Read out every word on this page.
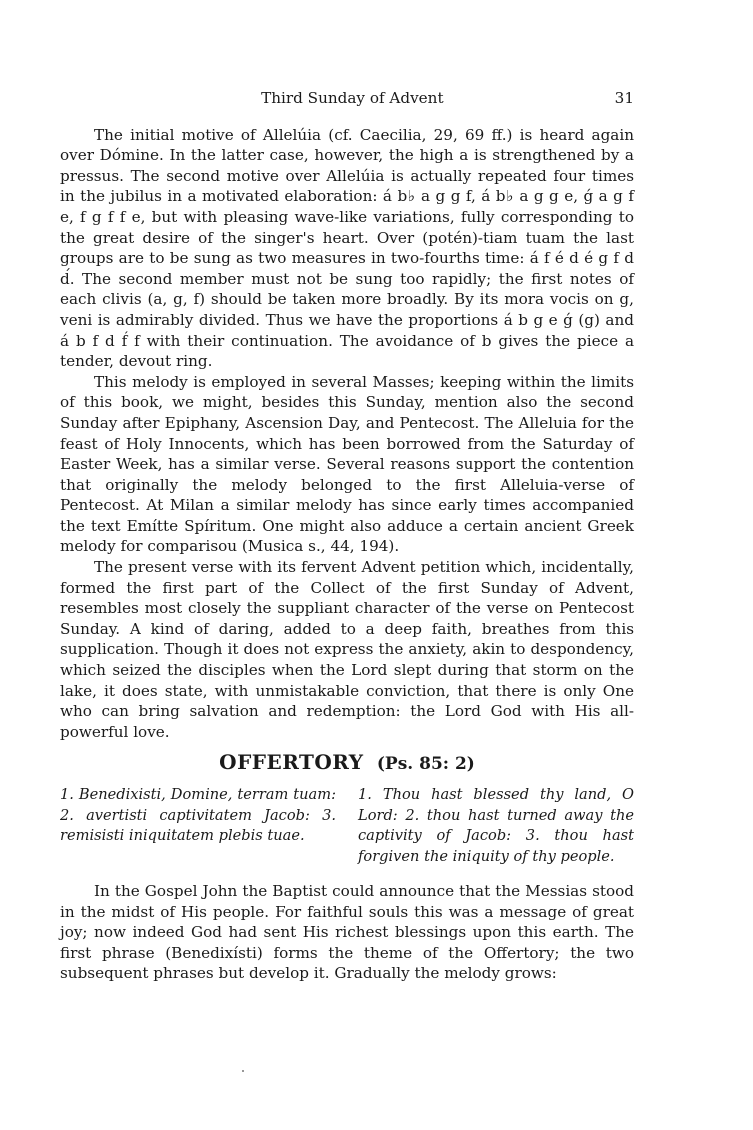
Third Sunday of Advent	31

The initial motive of Allelúia (cf. Caecilia, 29, 69 ff.) is heard again over Dómine. In the latter case, however, the high a is strengthened by a pressus. The second motive over Allelúia is actually repeated four times in the jubilus in a motivated elaboration: á b♭ a g g f, á b♭ a g g e, ǵ a g f e, f g f f e, but with pleasing wave-like variations, fully corresponding to the great desire of the singer's heart. Over (potén)-tiam tuam the last groups are to be sung as two measures in two-fourths time: á f é d é g f d d́. The second member must not be sung too rapidly; the first notes of each clivis (a, g, f) should be taken more broadly. By its mora vocis on g, veni is admirably divided. Thus we have the proportions á b g e ǵ (g) and á b f d f́ f with their continuation. The avoidance of b gives the piece a tender, devout ring.

This melody is employed in several Masses; keeping within the limits of this book, we might, besides this Sunday, mention also the second Sunday after Epiphany, Ascension Day, and Pentecost. The Alleluia for the feast of Holy Innocents, which has been borrowed from the Saturday of Easter Week, has a similar verse. Several reasons support the contention that originally the melody belonged to the first Alleluia-verse of Pentecost. At Milan a similar melody has since early times accompanied the text Emítte Spíritum. One might also adduce a certain ancient Greek melody for comparisou (Musica s., 44, 194).

The present verse with its fervent Advent petition which, incidentally, formed the first part of the Collect of the first Sunday of Advent, resembles most closely the suppliant character of the verse on Pentecost Sunday. A kind of daring, added to a deep faith, breathes from this supplication. Though it does not express the anxiety, akin to despondency, which seized the disciples when the Lord slept during that storm on the lake, it does state, with unmistakable conviction, that there is only One who can bring salvation and redemption: the Lord God with His all-powerful love.

OFFERTORY (Ps. 85: 2)
1. Benedixisti, Domine, terram tuam: 2. avertisti captivitatem Jacob: 3. remisisti iniquitatem plebis tuae.
1. Thou hast blessed thy land, O Lord: 2. thou hast turned away the captivity of Jacob: 3. thou hast forgiven the iniquity of thy people.

In the Gospel John the Baptist could announce that the Messias stood in the midst of His people. For faithful souls this was a message of great joy; now indeed God had sent His richest blessings upon this earth. The first phrase (Benedixísti) forms the theme of the Offertory; the two subsequent phrases but develop it. Gradually the melody grows:
